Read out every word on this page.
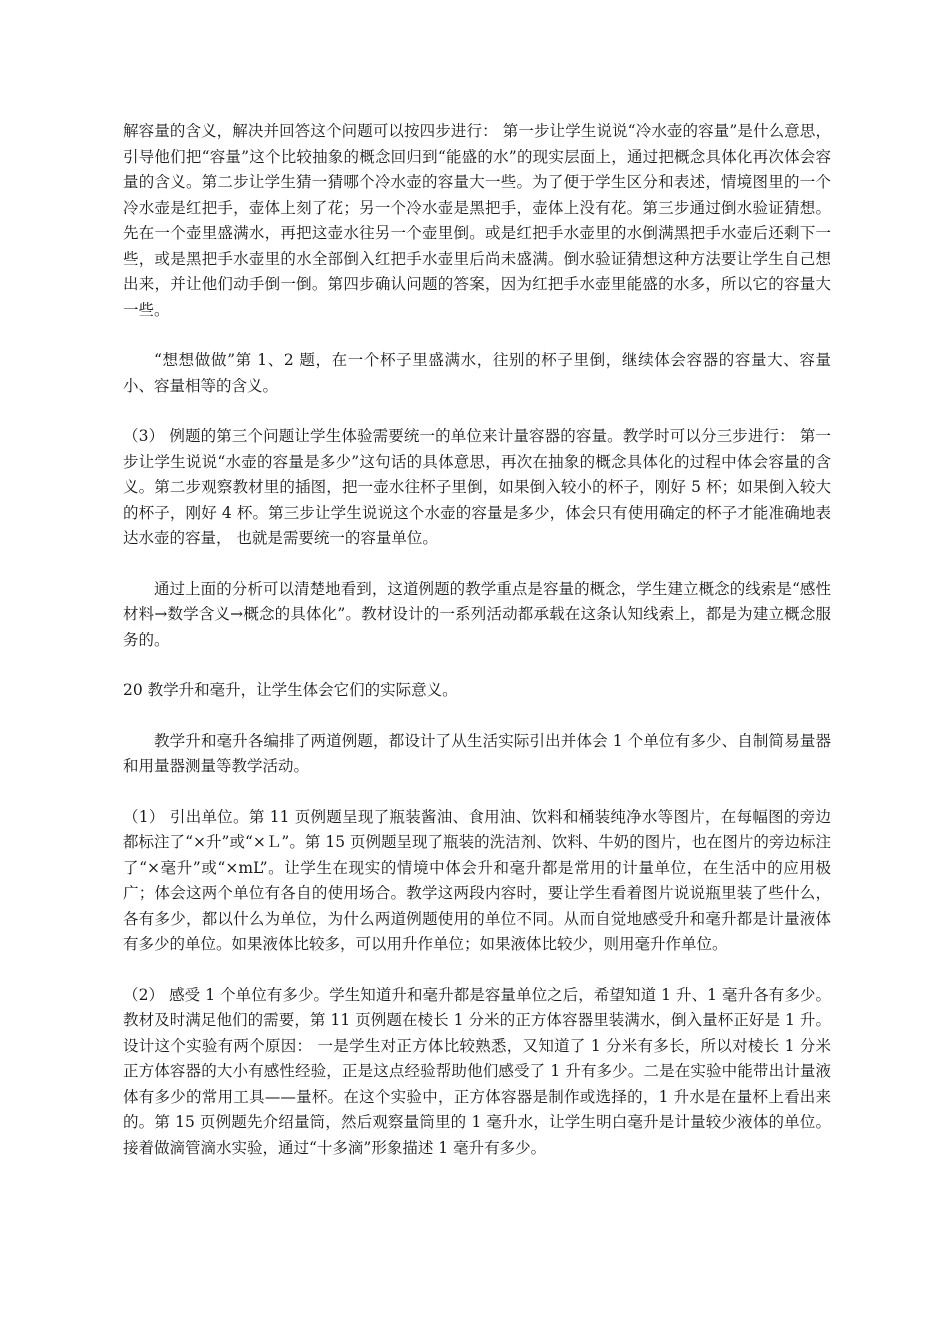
解容量的含义，解决并回答这个问题可以按四步进行： 第一步让学生说说“冷水壶的容量”是什么意思，引导他们把“容量”这个比较抽象的概念回归到“能盛的水”的现实层面上，通过把概念具体化再次体会容量的含义。第二步让学生猜一猜哪个冷水壶的容量大一些。为了便于学生区分和表述，情境图里的一个冷水壶是红把手，壶体上刻了花；另一个冷水壶是黑把手，壶体上没有花。第三步通过倒水验证猜想。先在一个壶里盛满水，再把这壶水往另一个壶里倒。或是红把手水壶里的水倒满黑把手水壶后还剩下一些，或是黑把手水壶里的水全部倒入红把手水壶里后尚未盛满。倒水验证猜想这种方法要让学生自己想出来，并让他们动手倒一倒。第四步确认问题的答案，因为红把手水壶里能盛的水多，所以它的容量大一些。

“想想做做”第 1、2 题，在一个杯子里盛满水，往别的杯子里倒，继续体会容器的容量大、容量小、容量相等的含义。

（3） 例题的第三个问题让学生体验需要统一的单位来计量容器的容量。教学时可以分三步进行： 第一步让学生说说“水壶的容量是多少”这句话的具体意思，再次在抽象的概念具体化的过程中体会容量的含义。第二步观察教材里的插图，把一壶水往杯子里倒，如果倒入较小的杯子，刚好 5 杯；如果倒入较大的杯子，刚好 4 杯。第三步让学生说说这个水壶的容量是多少，体会只有使用确定的杯子才能准确地表达水壶的容量， 也就是需要统一的容量单位。

通过上面的分析可以清楚地看到，这道例题的教学重点是容量的概念，学生建立概念的线索是“感性材料→数学含义→概念的具体化”。教材设计的一系列活动都承载在这条认知线索上，都是为建立概念服务的。

20 教学升和毫升，让学生体会它们的实际意义。

教学升和毫升各编排了两道例题，都设计了从生活实际引出并体会 1 个单位有多少、自制简易量器和用量器测量等教学活动。

（1） 引出单位。第 11 页例题呈现了瓶装酱油、食用油、饮料和桶装纯净水等图片，在每幅图的旁边都标注了“×升”或“×Ｌ”。第 15 页例题呈现了瓶装的洗洁剂、饮料、牛奶的图片，也在图片的旁边标注了“×毫升”或“×mL”。让学生在现实的情境中体会升和毫升都是常用的计量单位，在生活中的应用极广；体会这两个单位有各自的使用场合。教学这两段内容时，要让学生看着图片说说瓶里装了些什么，各有多少，都以什么为单位，为什么两道例题使用的单位不同。从而自觉地感受升和毫升都是计量液体有多少的单位。如果液体比较多，可以用升作单位；如果液体比较少，则用毫升作单位。

（2） 感受 1 个单位有多少。学生知道升和毫升都是容量单位之后，希望知道 1 升、1 毫升各有多少。教材及时满足他们的需要，第 11 页例题在棱长 1 分米的正方体容器里装满水，倒入量杯正好是 1 升。设计这个实验有两个原因： 一是学生对正方体比较熟悉，又知道了 1 分米有多长，所以对棱长 1 分米正方体容器的大小有感性经验，正是这点经验帮助他们感受了 1 升有多少。二是在实验中能带出计量液体有多少的常用工具——量杯。在这个实验中，正方体容器是制作或选择的，1 升水是在量杯上看出来的。第 15 页例题先介绍量筒，然后观察量筒里的 1 毫升水，让学生明白毫升是计量较少液体的单位。接着做滴管滴水实验，通过“十多滴”形象描述 1 毫升有多少。
